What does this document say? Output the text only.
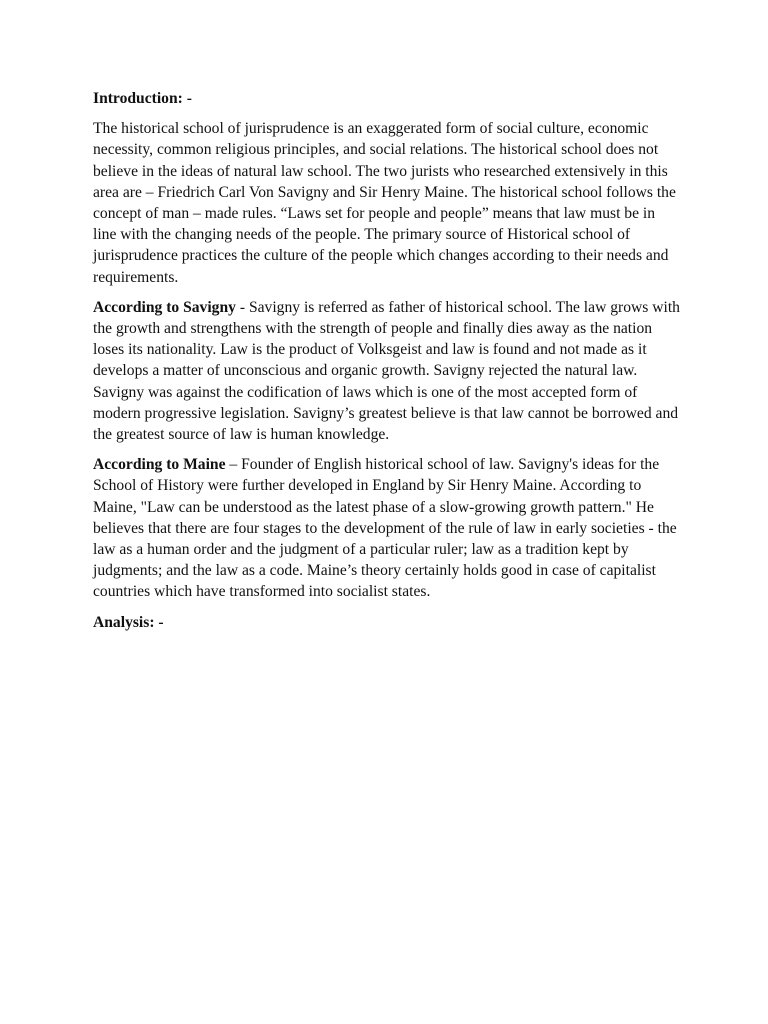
Introduction: -

The historical school of jurisprudence is an exaggerated form of social culture, economic necessity, common religious principles, and social relations. The historical school does not believe in the ideas of natural law school. The two jurists who researched extensively in this area are – Friedrich Carl Von Savigny and Sir Henry Maine. The historical school follows the concept of man – made rules. “Laws set for people and people” means that law must be in line with the changing needs of the people. The primary source of Historical school of jurisprudence practices the culture of the people which changes according to their needs and requirements.

According to Savigny - Savigny is referred as father of historical school. The law grows with the growth and strengthens with the strength of people and finally dies away as the nation loses its nationality. Law is the product of Volksgeist and law is found and not made as it develops a matter of unconscious and organic growth. Savigny rejected the natural law. Savigny was against the codification of laws which is one of the most accepted form of modern progressive legislation. Savigny’s greatest believe is that law cannot be borrowed and the greatest source of law is human knowledge.

According to Maine – Founder of English historical school of law. Savigny's ideas for the School of History were further developed in England by Sir Henry Maine. According to Maine, "Law can be understood as the latest phase of a slow-growing growth pattern." He believes that there are four stages to the development of the rule of law in early societies - the law as a human order and the judgment of a particular ruler; law as a tradition kept by judgments; and the law as a code. Maine’s theory certainly holds good in case of capitalist countries which have transformed into socialist states.

Analysis: -
